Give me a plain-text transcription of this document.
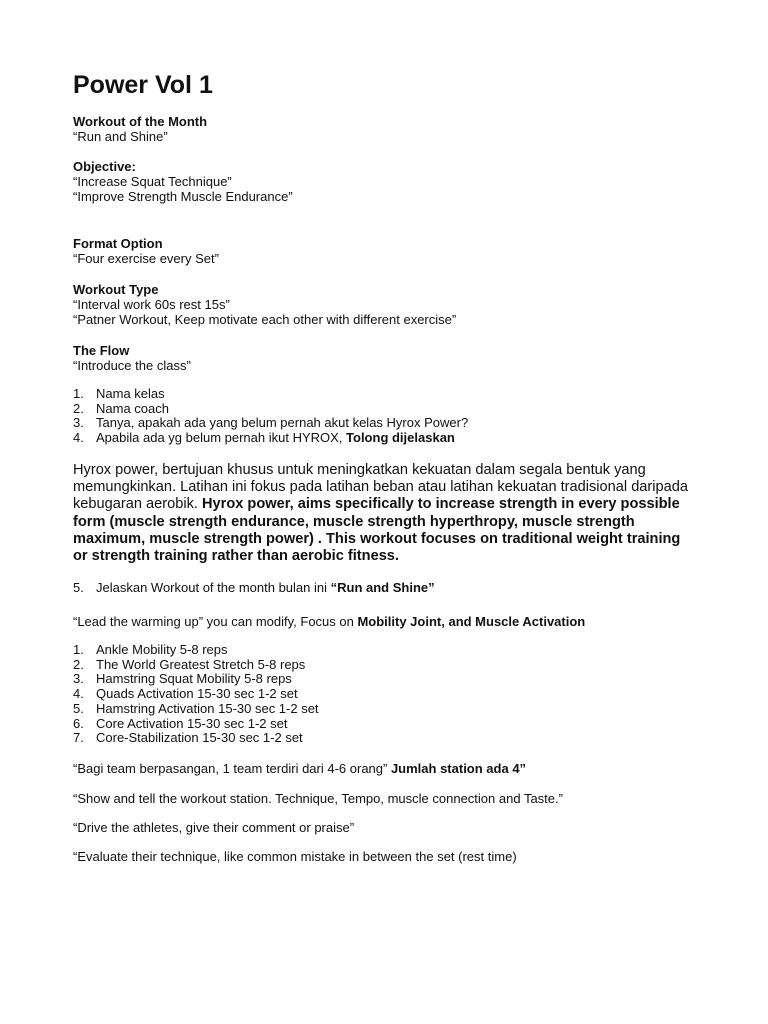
Power Vol 1

Workout of the Month

“Run and Shine”

Objective:

“Increase Squat Technique”

“Improve Strength Muscle Endurance”

Format Option

“Four exercise every Set”

Workout Type

“Interval work 60s rest 15s”

“Patner Workout, Keep motivate each other with different exercise”

The Flow

“Introduce the class”

1. Nama kelas
2. Nama coach
3. Tanya, apakah ada yang belum pernah akut kelas Hyrox Power?
4. Apabila ada yg belum pernah ikut HYROX, Tolong dijelaskan

Hyrox power, bertujuan khusus untuk meningkatkan kekuatan dalam segala bentuk yang memungkinkan. Latihan ini fokus pada latihan beban atau latihan kekuatan tradisional daripada kebugaran aerobik. Hyrox power, aims specifically to increase strength in every possible form (muscle strength endurance, muscle strength hyperthropy, muscle strength maximum, muscle strength power) . This workout focuses on traditional weight training or strength training rather than aerobic fitness.

5. Jelaskan Workout of the month bulan ini “Run and Shine”

“Lead the warming up” you can modify, Focus on Mobility Joint, and Muscle Activation

1. Ankle Mobility 5-8 reps
2. The World Greatest Stretch 5-8 reps
3. Hamstring Squat Mobility 5-8 reps
4. Quads Activation 15-30 sec 1-2 set
5. Hamstring Activation 15-30 sec 1-2 set
6. Core Activation 15-30 sec 1-2 set
7. Core-Stabilization 15-30 sec 1-2 set

“Bagi team berpasangan, 1 team terdiri dari 4-6 orang” Jumlah station ada 4”

“Show and tell the workout station. Technique, Tempo, muscle connection and Taste.”

“Drive the athletes, give their comment or praise”

“Evaluate their technique, like common mistake in between the set (rest time)
